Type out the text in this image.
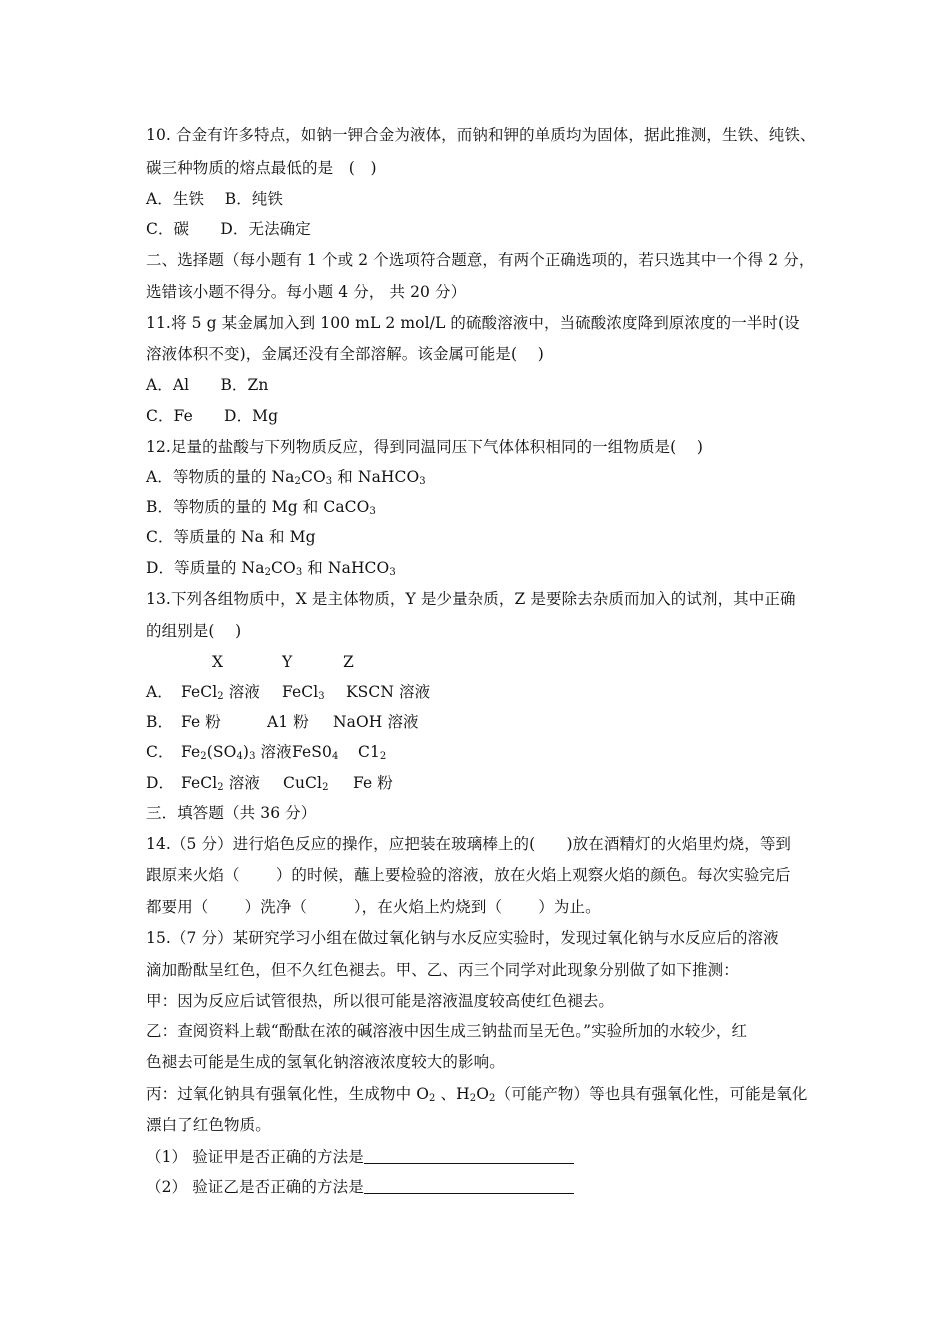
10. 合金有许多特点，如钠一钾合金为液体，而钠和钾的单质均为固体，据此推测，生铁、纯铁、
碳三种物质的熔点最低的是　(　)
A．生铁　 B．纯铁
C．碳　　D．无法确定
二、选择题（每小题有 1 个或 2 个选项符合题意，有两个正确选项的，若只选其中一个得 2 分，
选错该小题不得分。每小题 4 分， 共 20 分）
11.将 5 g 某金属加入到 100 mL 2 mol/L 的硫酸溶液中，当硫酸浓度降到原浓度的一半时(设
溶液体积不变)，金属还没有全部溶解。该金属可能是(　 )
A．Al　　B．Zn
C．Fe　　D．Mg
12.足量的盐酸与下列物质反应，得到同温同压下气体体积相同的一组物质是(　 )
A．等物质的量的 $Na_2CO_3$ 和 NaHCO$_3$
B．等物质的量的 Mg 和 CaCO$_3$
C．等质量的 Na 和 Mg
D．等质量的 $Na_2CO_3$ 和 NaHCO$_3$
13.下列各组物质中，X 是主体物质，Y 是少量杂质，Z 是要除去杂质而加入的试剂，其中正确
的组别是(　 )
X	Y	Z
A． FeCl$_2$ 溶液 FeCl$_3$ KSCN 溶液
B． Fe 粉	A1 粉 NaOH 溶液
C． $Fe_2(SO_4)_3$ 溶液 $FeS0_4$ $C1_2$
D． FeCl$_2$ 溶液 CuCl$_2$ Fe 粉
三．填答题（共 36 分）
14.（5 分）进行焰色反应的操作，应把装在玻璃棒上的(　　)放在酒精灯的火焰里灼烧，等到
跟原来火焰（　　 ）的时候，蘸上要检验的溶液，放在火焰上观察火焰的颜色。每次实验完后
都要用（　　 ）洗净（　　　），在火焰上灼烧到（　　 ）为止。
15.（7 分）某研究学习小组在做过氧化钠与水反应实验时，发现过氧化钠与水反应后的溶液
滴加酚酞呈红色，但不久红色褪去。甲、乙、丙三个同学对此现象分别做了如下推测：
甲：因为反应后试管很热，所以很可能是溶液温度较高使红色褪去。
乙：查阅资料上载“酚酞在浓的碱溶液中因生成三钠盐而呈无色。”实验所加的水较少，红
色褪去可能是生成的氢氧化钠溶液浓度较大的影响。
丙：过氧化钠具有强氧化性，生成物中 $O_2$ 、$H_2O_2$（可能产物）等也具有强氧化性，可能是氧化
漂白了红色物质。
（1） 验证甲是否正确的方法是
（2） 验证乙是否正确的方法是
